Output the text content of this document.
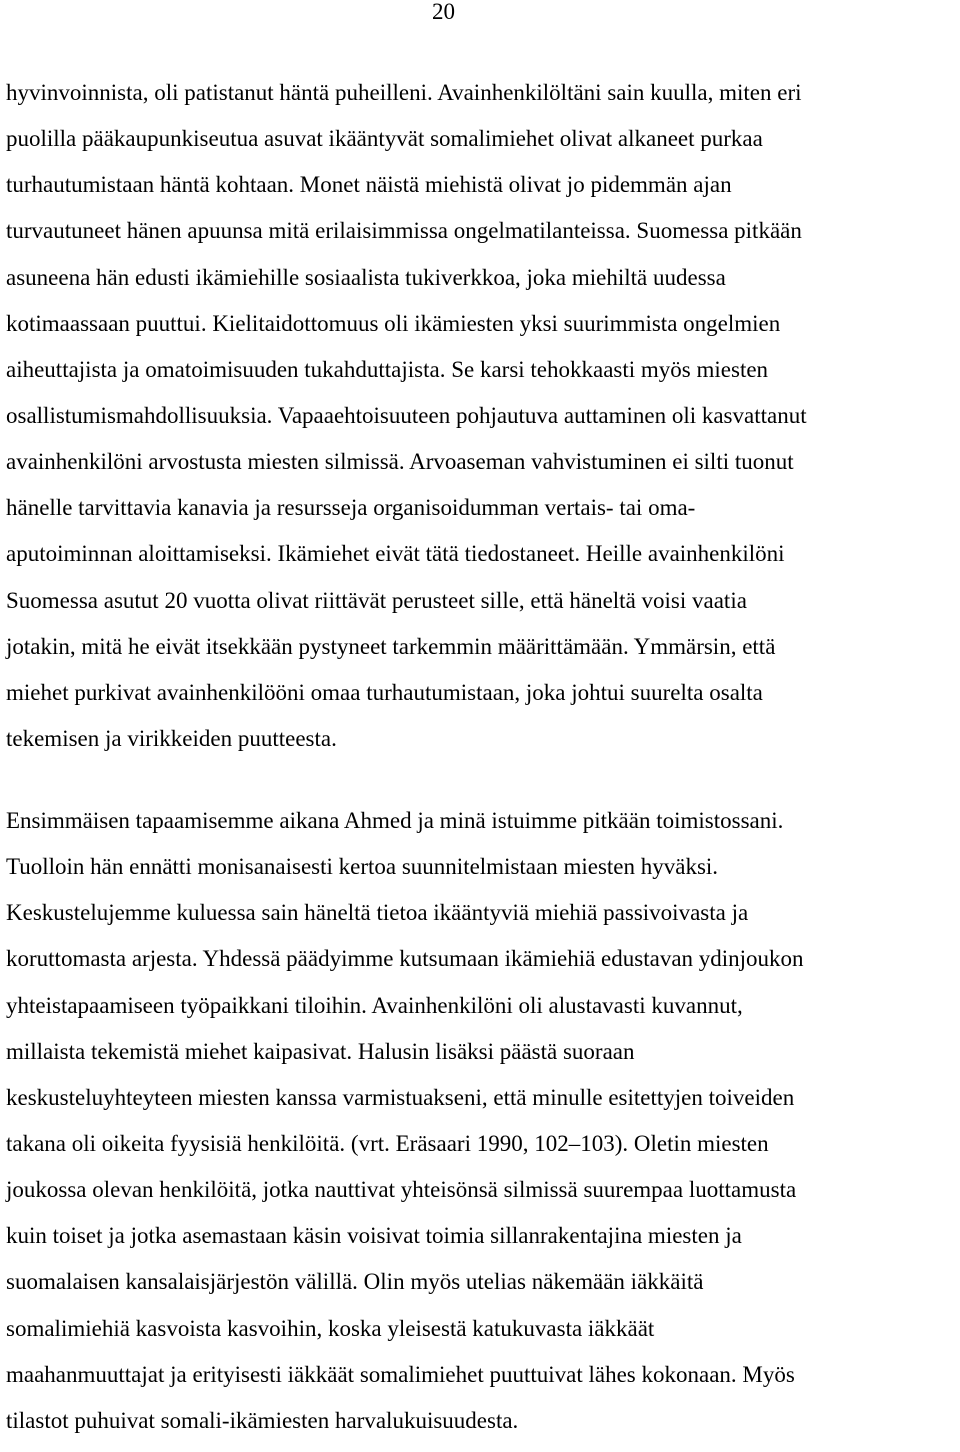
20
hyvinvoinnista, oli patistanut häntä puheilleni. Avainhenkilöltäni sain kuulla, miten eri
puolilla pääkaupunkiseutua asuvat ikääntyvät somalimiehet olivat alkaneet purkaa
turhautumistaan häntä kohtaan. Monet näistä miehistä olivat jo pidemmän ajan
turvautuneet hänen apuunsa mitä erilaisimmissa ongelmatilanteissa. Suomessa pitkään
asuneena hän edusti ikämiehille sosiaalista tukiverkkoa, joka miehiltä uudessa
kotimaassaan puuttui. Kielitaidottomuus oli ikämiesten yksi suurimmista ongelmien
aiheuttajista ja omatoimisuuden tukahduttajista. Se karsi tehokkaasti myös miesten
osallistumismahdollisuuksia. Vapaaehtoisuuteen pohjautuva auttaminen oli kasvattanut
avainhenkilöni arvostusta miesten silmissä. Arvoaseman vahvistuminen ei silti tuonut
hänelle tarvittavia kanavia ja resursseja organisoidumman vertais- tai oma-
aputoiminnan aloittamiseksi. Ikämiehet eivät tätä tiedostaneet. Heille avainhenkilöni
Suomessa asutut 20 vuotta olivat riittävät perusteet sille, että häneltä voisi vaatia
jotakin, mitä he eivät itsekkään pystyneet tarkemmin määrittämään. Ymmärsin, että
miehet purkivat avainhenkilööni omaa turhautumistaan, joka johtui suurelta osalta
tekemisen ja virikkeiden puutteesta.
Ensimmäisen tapaamisemme aikana Ahmed ja minä istuimme pitkään toimistossani.
Tuolloin hän ennätti monisanaisesti kertoa suunnitelmistaan miesten hyväksi.
Keskustelujemme kuluessa sain häneltä tietoa ikääntyviä miehiä passivoivasta ja
koruttomasta arjesta. Yhdessä päädyimme kutsumaan ikämiehiä edustavan ydinjoukon
yhteistapaamiseen työpaikkani tiloihin. Avainhenkilöni oli alustavasti kuvannut,
millaista tekemistä miehet kaipasivat. Halusin lisäksi päästä suoraan
keskusteluyhteyteen miesten kanssa varmistuakseni, että minulle esitettyjen toiveiden
takana oli oikeita fyysisiä henkilöitä. (vrt. Eräsaari 1990, 102–103). Oletin miesten
joukossa olevan henkilöitä, jotka nauttivat yhteisönsä silmissä suurempaa luottamusta
kuin toiset ja jotka asemastaan käsin voisivat toimia sillanrakentajina miesten ja
suomalaisen kansalaisjärjestön välillä. Olin myös utelias näkemään iäkkäitä
somalimiehiä kasvoista kasvoihin, koska yleisestä katukuvasta iäkkäät
maahanmuuttajat ja erityisesti iäkkäät somalimiehet puuttuivat lähes kokonaan. Myös
tilastot puhuivat somali-ikämiesten harvalukuisuudesta.
